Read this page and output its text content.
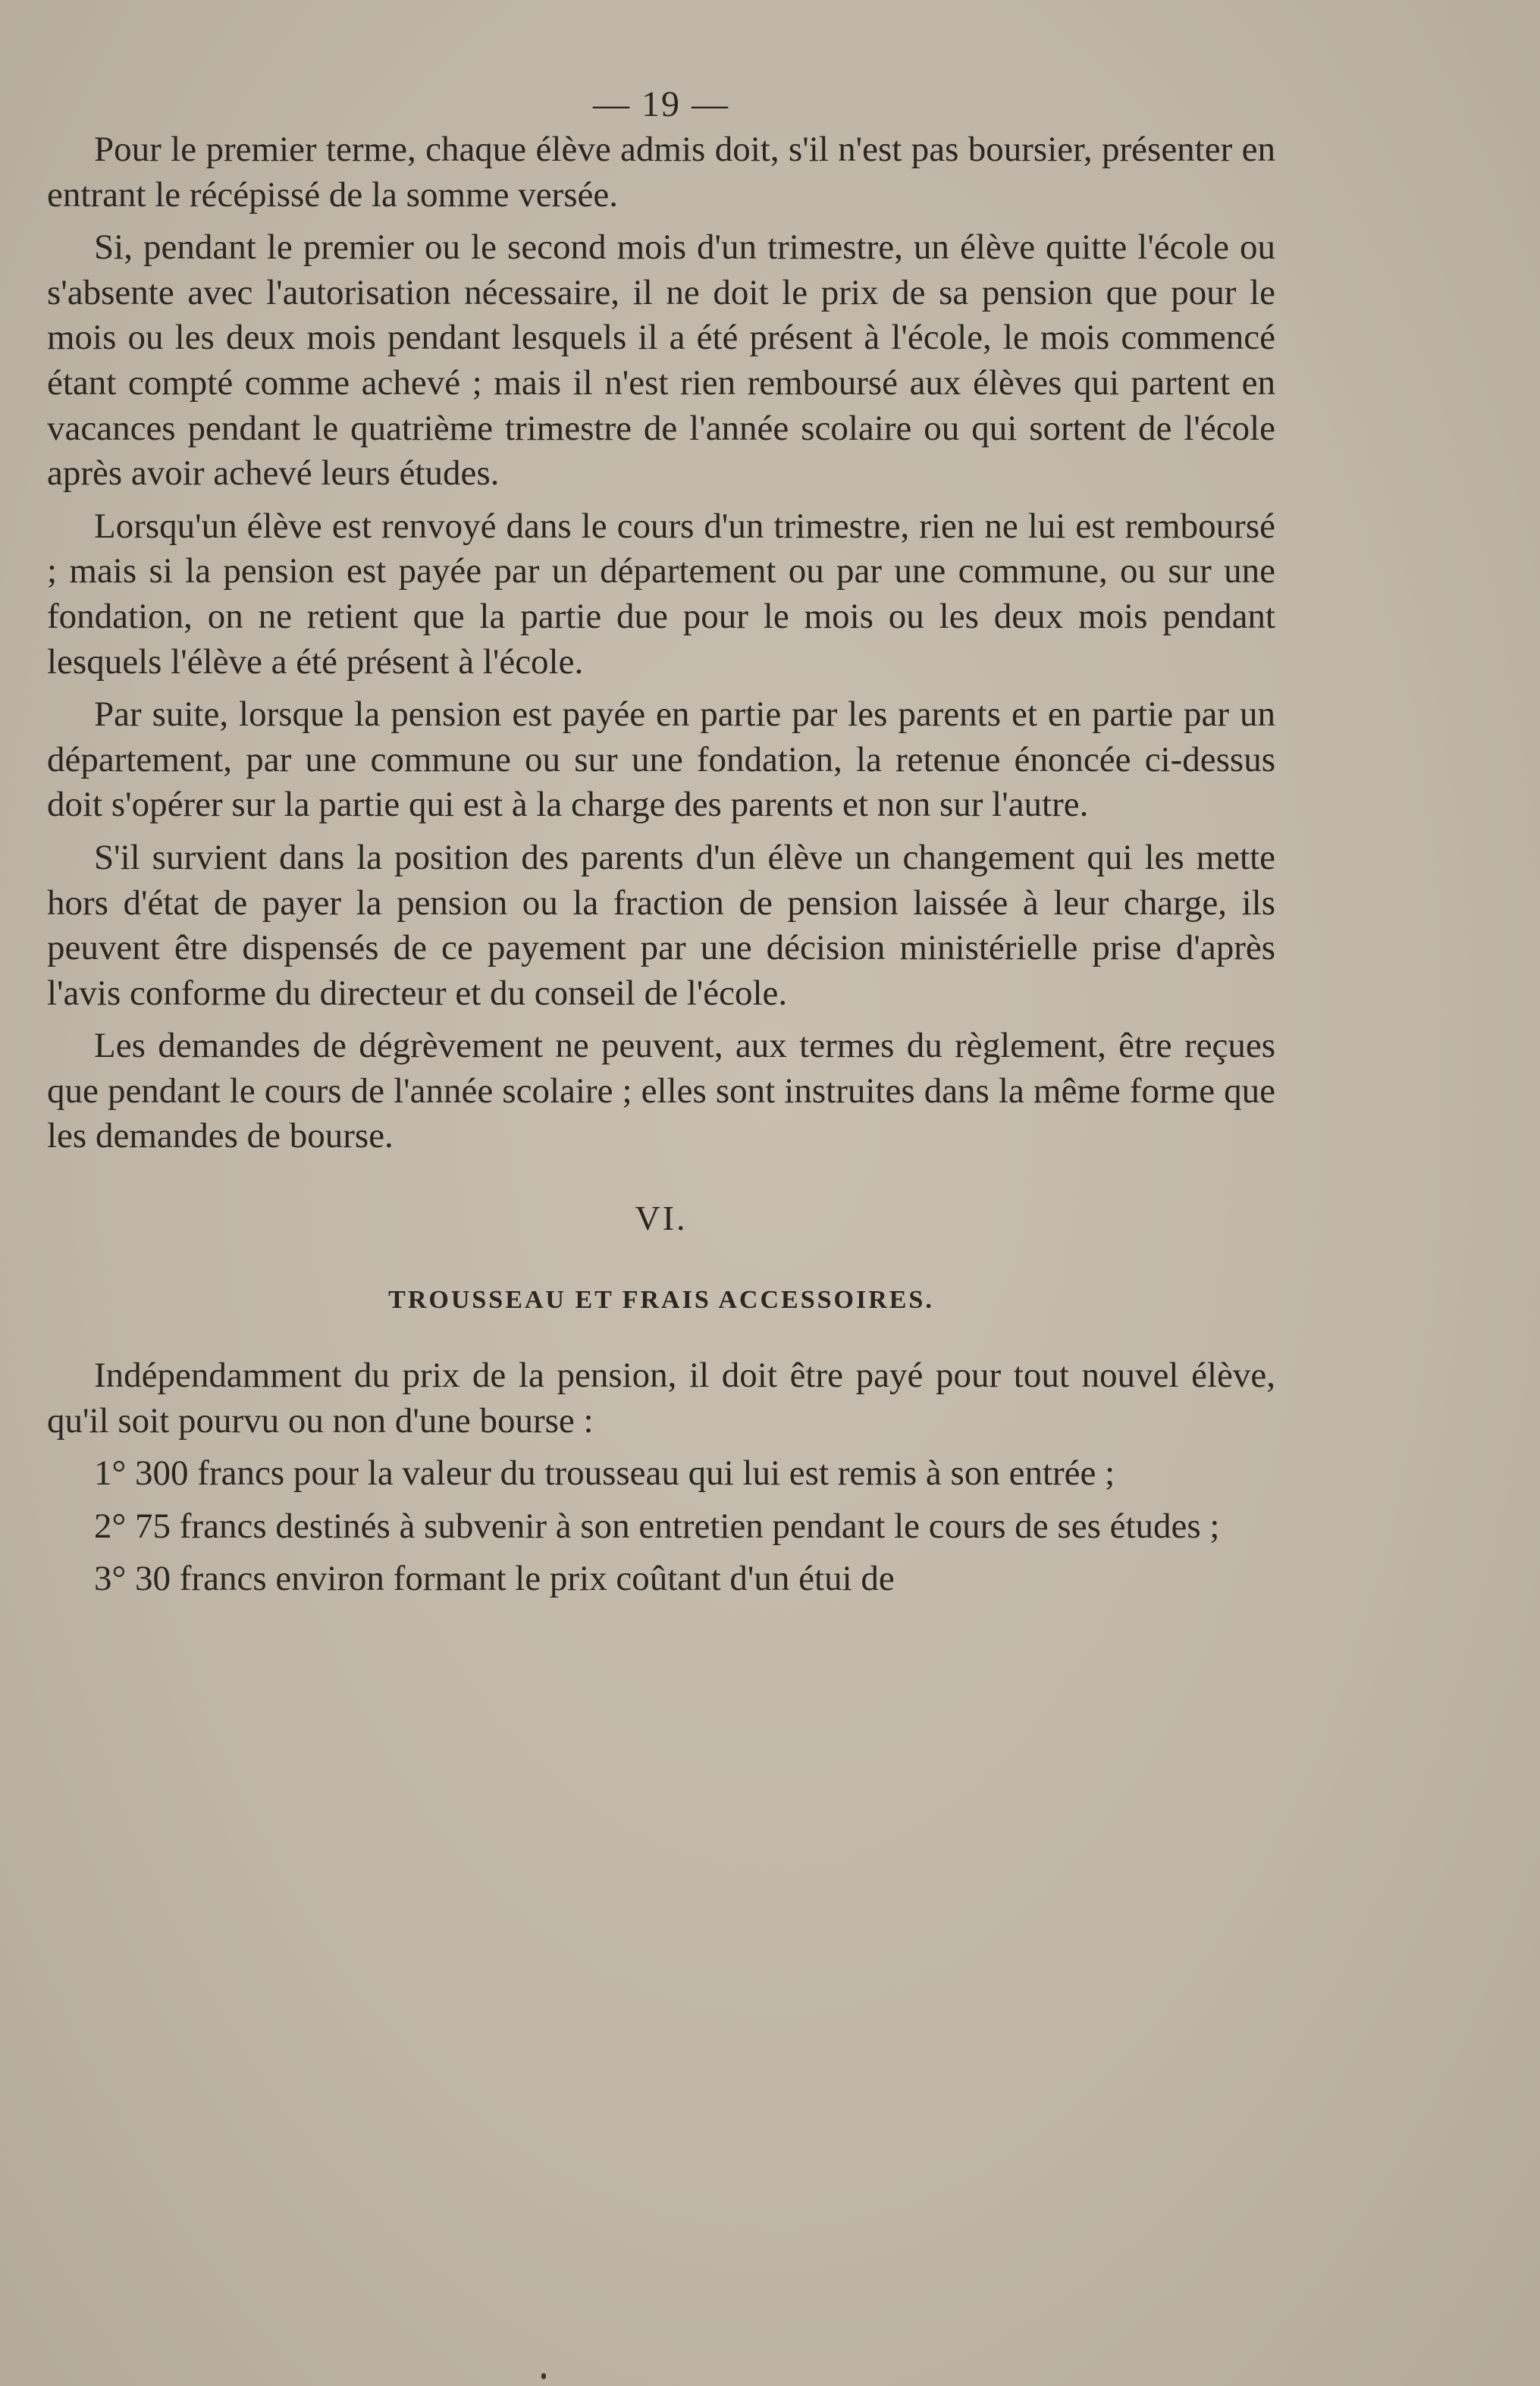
— 19 —

Pour le premier terme, chaque élève admis doit, s'il n'est pas boursier, présenter en entrant le récépissé de la somme versée.

Si, pendant le premier ou le second mois d'un trimestre, un élève quitte l'école ou s'absente avec l'autorisation nécessaire, il ne doit le prix de sa pension que pour le mois ou les deux mois pendant lesquels il a été présent à l'école, le mois commencé étant compté comme achevé ; mais il n'est rien remboursé aux élèves qui partent en vacances pendant le quatrième trimestre de l'année scolaire ou qui sortent de l'école après avoir achevé leurs études.

Lorsqu'un élève est renvoyé dans le cours d'un trimestre, rien ne lui est remboursé ; mais si la pension est payée par un département ou par une commune, ou sur une fondation, on ne retient que la partie due pour le mois ou les deux mois pendant lesquels l'élève a été présent à l'école.

Par suite, lorsque la pension est payée en partie par les parents et en partie par un département, par une commune ou sur une fondation, la retenue énoncée ci-dessus doit s'opérer sur la partie qui est à la charge des parents et non sur l'autre.

S'il survient dans la position des parents d'un élève un changement qui les mette hors d'état de payer la pension ou la fraction de pension laissée à leur charge, ils peuvent être dispensés de ce payement par une décision ministérielle prise d'après l'avis conforme du directeur et du conseil de l'école.

Les demandes de dégrèvement ne peuvent, aux termes du règlement, être reçues que pendant le cours de l'année scolaire ; elles sont instruites dans la même forme que les demandes de bourse.

VI.
TROUSSEAU ET FRAIS ACCESSOIRES.

Indépendamment du prix de la pension, il doit être payé pour tout nouvel élève, qu'il soit pourvu ou non d'une bourse :

1° 300 francs pour la valeur du trousseau qui lui est remis à son entrée ;

2° 75 francs destinés à subvenir à son entretien pendant le cours de ses études ;

3° 30 francs environ formant le prix coûtant d'un étui de
